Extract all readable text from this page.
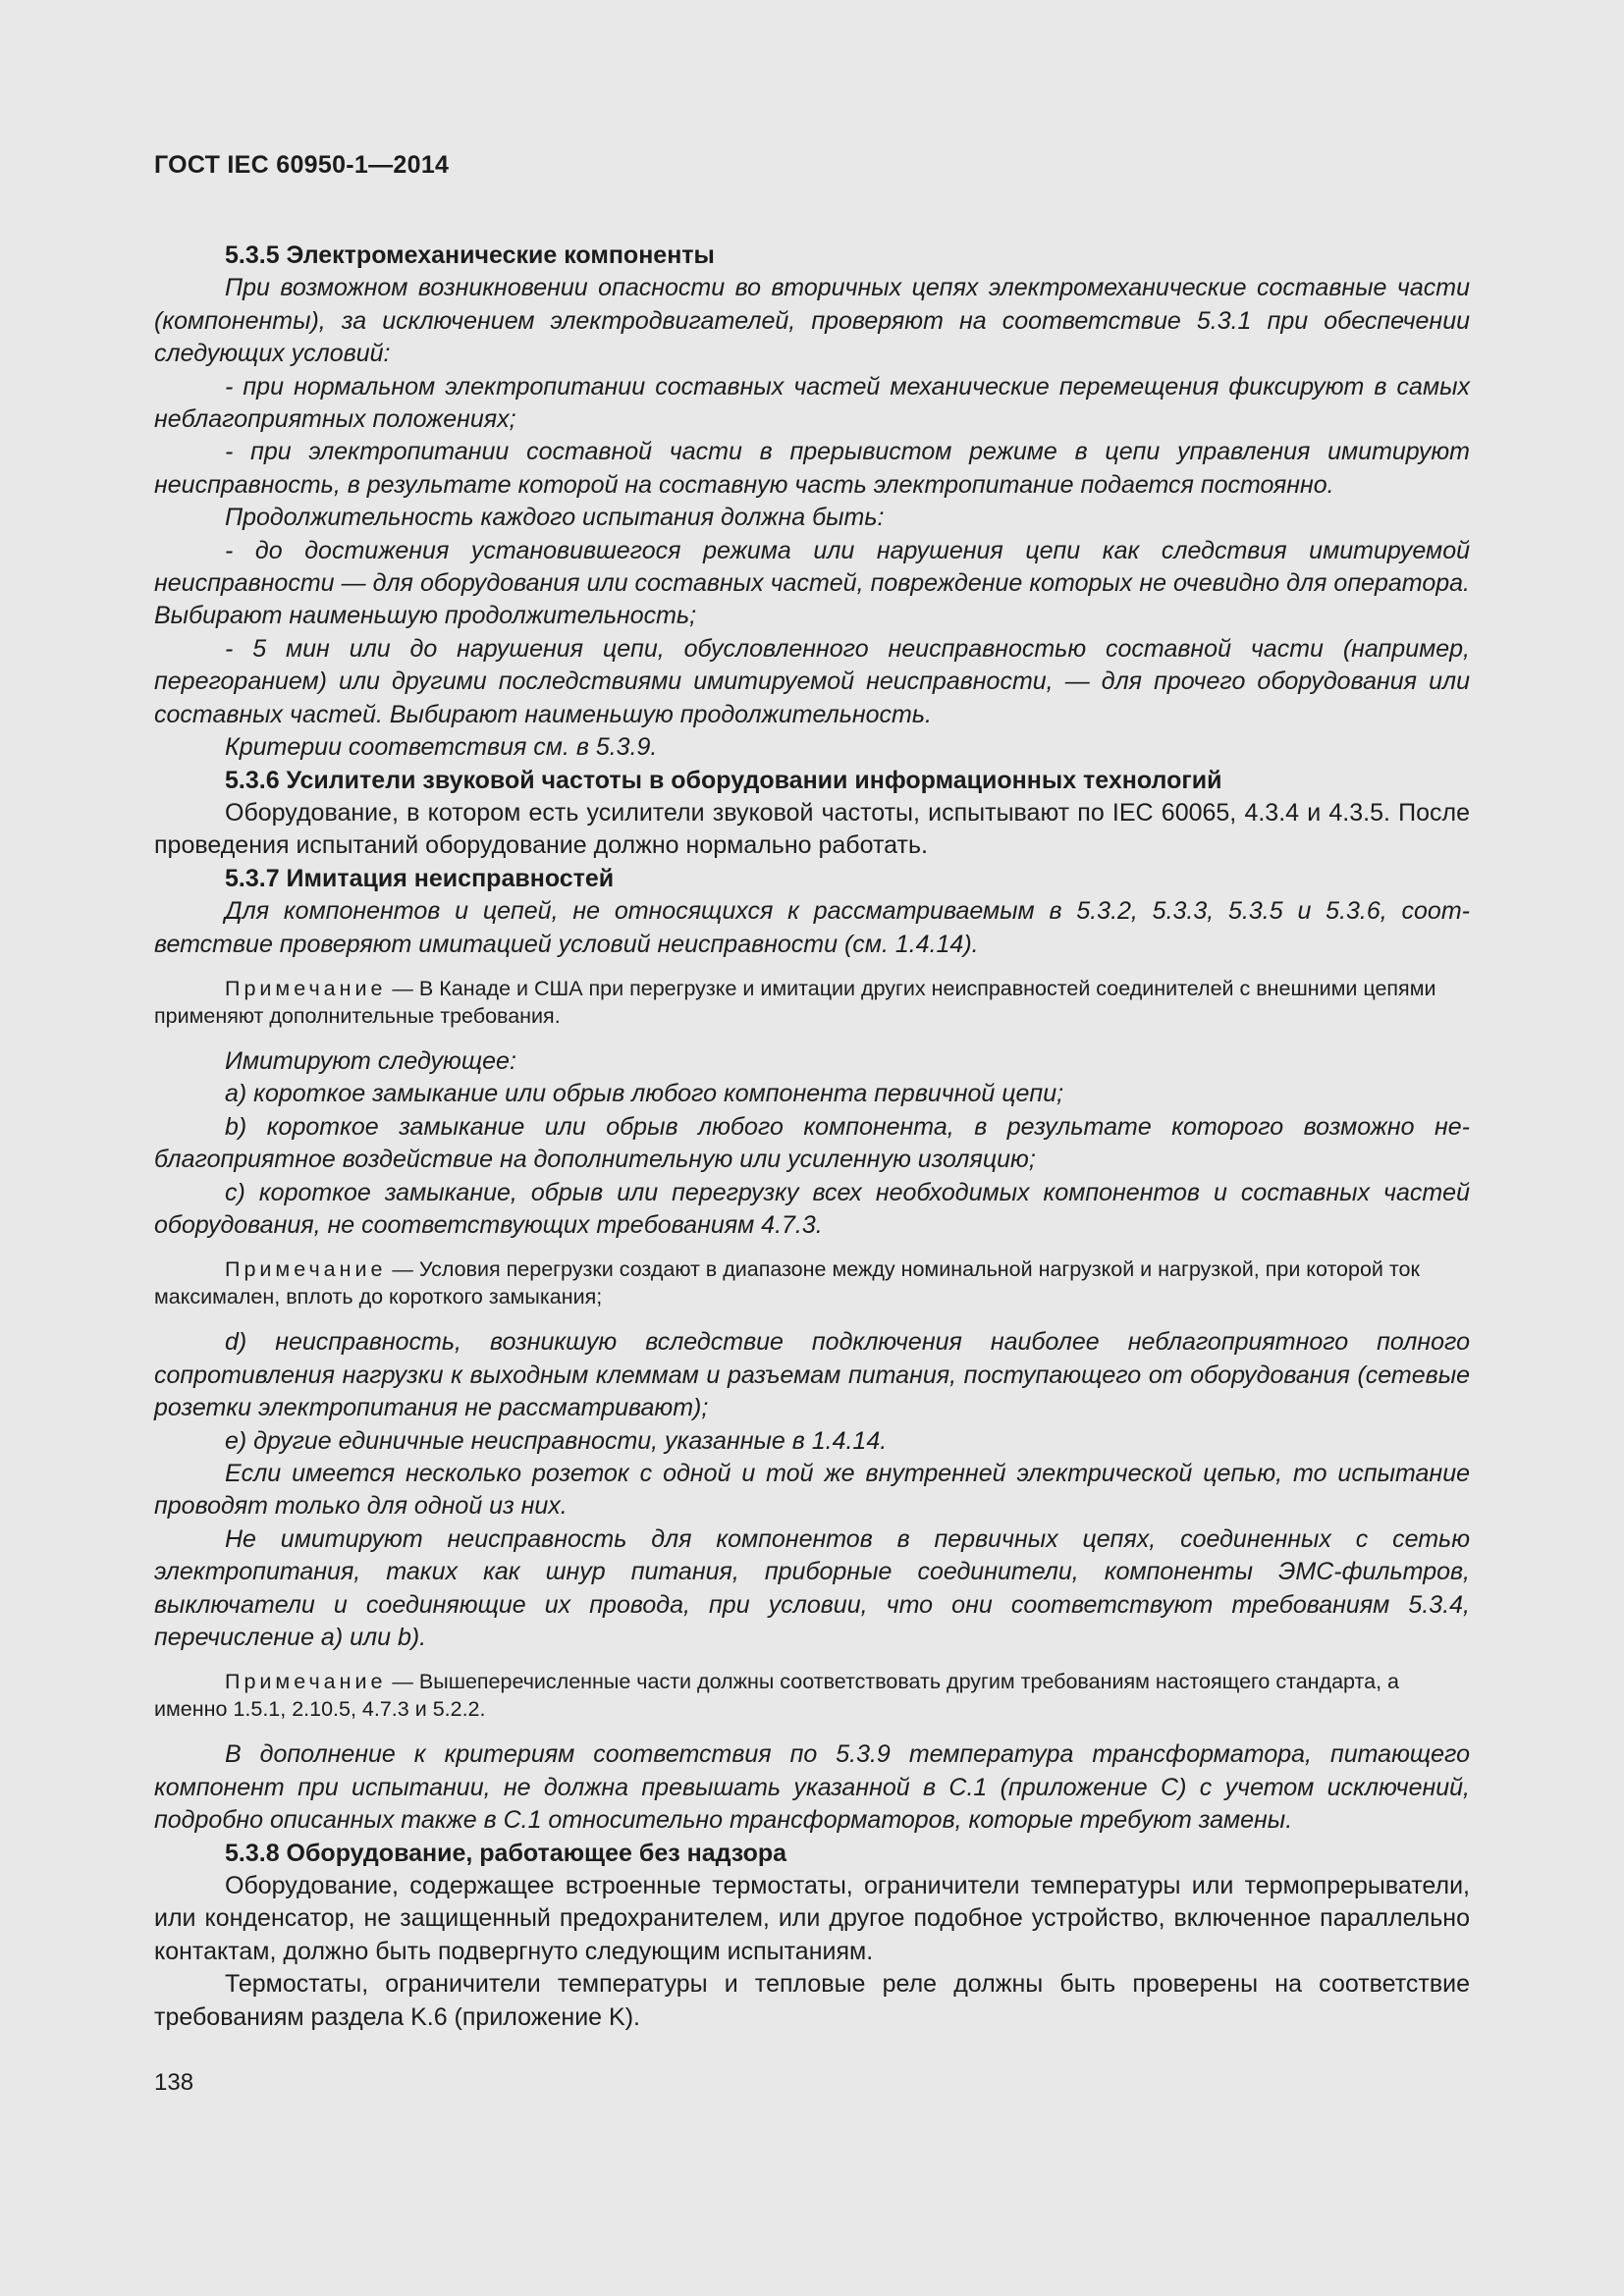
ГОСТ IEC 60950-1—2014

5.3.5 Электромеханические компоненты

При возможном возникновении опасности во вторичных цепях электромеханические составные части (компоненты), за исключением электродвигателей, проверяют на соответствие 5.3.1 при обеспечении следующих условий:

- при нормальном электропитании составных частей механические перемещения фиксируют в самых неблагоприятных положениях;

- при электропитании составной части в прерывистом режиме в цепи управления имитируют неисправность, в результате которой на составную часть электропитание подается постоянно.

Продолжительность каждого испытания должна быть:

- до достижения установившегося режима или нарушения цепи как следствия имитируемой неисправности — для оборудования или составных частей, повреждение которых не очевидно для оператора. Выбирают наименьшую продолжительность;

- 5 мин или до нарушения цепи, обусловленного неисправностью составной части (например, перегоранием) или другими последствиями имитируемой неисправности, — для прочего оборудования или составных частей. Выбирают наименьшую продолжительность.

Критерии соответствия см. в 5.3.9.

5.3.6 Усилители звуковой частоты в оборудовании информационных технологий

Оборудование, в котором есть усилители звуковой частоты, испытывают по IEC 60065, 4.3.4 и 4.3.5. После проведения испытаний оборудование должно нормально работать.

5.3.7 Имитация неисправностей

Для компонентов и цепей, не относящихся к рассматриваемым в 5.3.2, 5.3.3, 5.3.5 и 5.3.6, соответствие проверяют имитацией условий неисправности (см. 1.4.14).

Примечание — В Канаде и США при перегрузке и имитации других неисправностей соединителей с внешними цепями применяют дополнительные требования.

Имитируют следующее:

a) короткое замыкание или обрыв любого компонента первичной цепи;

b) короткое замыкание или обрыв любого компонента, в результате которого возможно неблагоприятное воздействие на дополнительную или усиленную изоляцию;

c) короткое замыкание, обрыв или перегрузку всех необходимых компонентов и составных частей оборудования, не соответствующих требованиям 4.7.3.

Примечание — Условия перегрузки создают в диапазоне между номинальной нагрузкой и нагрузкой, при которой ток максимален, вплоть до короткого замыкания;

d) неисправность, возникшую вследствие подключения наиболее неблагоприятного полного сопротивления нагрузки к выходным клеммам и разъемам питания, поступающего от оборудования (сетевые розетки электропитания не рассматривают);

e) другие единичные неисправности, указанные в 1.4.14.

Если имеется несколько розеток с одной и той же внутренней электрической цепью, то испытание проводят только для одной из них.

Не имитируют неисправность для компонентов в первичных цепях, соединенных с сетью электропитания, таких как шнур питания, приборные соединители, компоненты ЭМС-фильтров, выключатели и соединяющие их провода, при условии, что они соответствуют требованиям 5.3.4, перечисление a) или b).

Примечание — Вышеперечисленные части должны соответствовать другим требованиям настоящего стандарта, а именно 1.5.1, 2.10.5, 4.7.3 и 5.2.2.

В дополнение к критериям соответствия по 5.3.9 температура трансформатора, питающего компонент при испытании, не должна превышать указанной в C.1 (приложение C) с учетом исключений, подробно описанных также в C.1 относительно трансформаторов, которые требуют замены.

5.3.8 Оборудование, работающее без надзора

Оборудование, содержащее встроенные термостаты, ограничители температуры или термопрерыватели, или конденсатор, не защищенный предохранителем, или другое подобное устройство, включенное параллельно контактам, должно быть подвергнуто следующим испытаниям.

Термостаты, ограничители температуры и тепловые реле должны быть проверены на соответствие требованиям раздела K.6 (приложение K).

138
